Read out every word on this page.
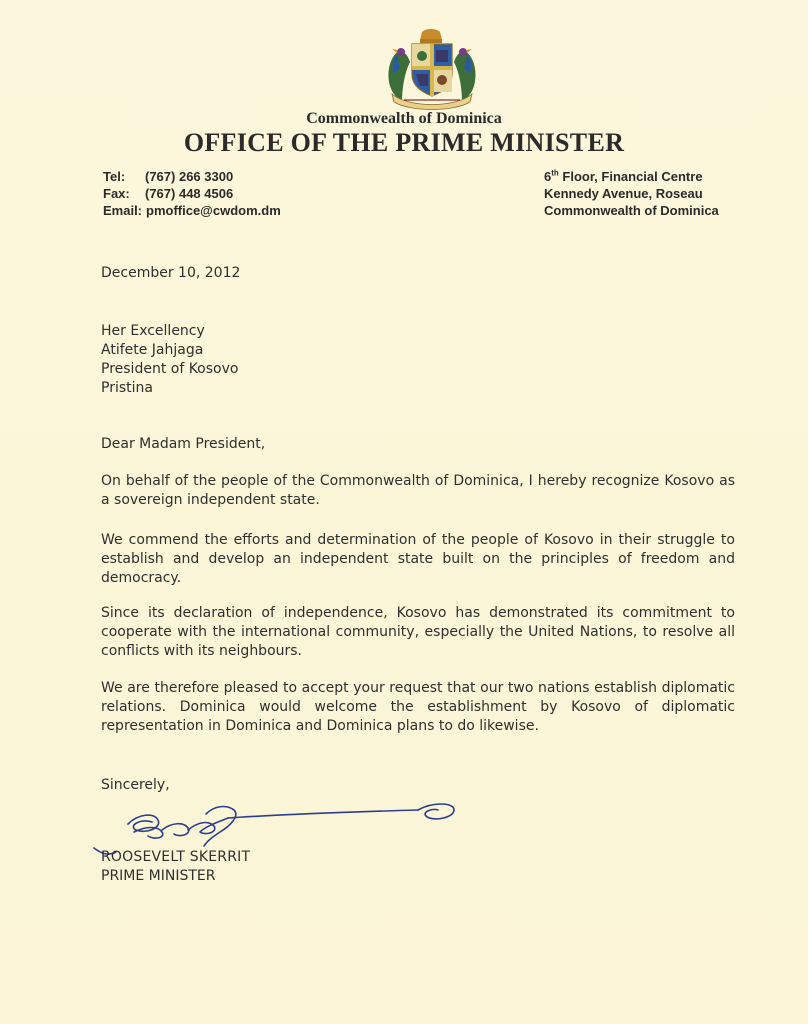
Commonwealth of Dominica
OFFICE OF THE PRIME MINISTER
Tel: (767) 266 3300
Fax: (767) 448 4506
Email: pmoffice@cwdom.dm
6th Floor, Financial Centre
Kennedy Avenue, Roseau
Commonwealth of Dominica
December 10, 2012
Her Excellency
Atifete Jahjaga
President of Kosovo
Pristina
Dear Madam President,

On behalf of the people of the Commonwealth of Dominica, I hereby recognize Kosovo as a sovereign independent state.

We commend the efforts and determination of the people of Kosovo in their struggle to establish and develop an independent state built on the principles of freedom and democracy.

Since its declaration of independence, Kosovo has demonstrated its commitment to cooperate with the international community, especially the United Nations, to resolve all conflicts with its neighbours.

We are therefore pleased to accept your request that our two nations establish diplomatic relations. Dominica would welcome the establishment by Kosovo of diplomatic representation in Dominica and Dominica plans to do likewise.

Sincerely,
ROOSEVELT SKERRIT
PRIME MINISTER
